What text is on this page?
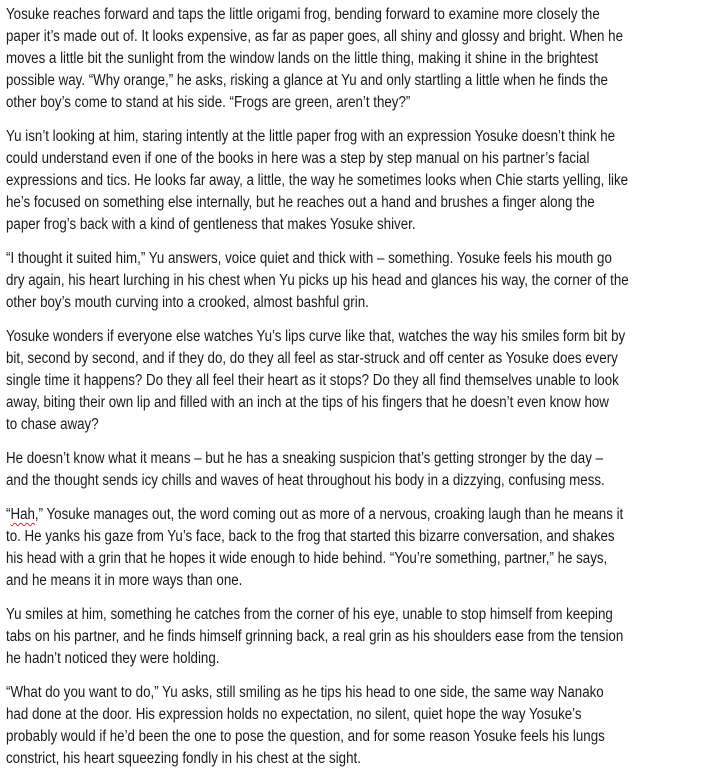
Yosuke reaches forward and taps the little origami frog, bending forward to examine more closely the
paper it’s made out of. It looks expensive, as far as paper goes, all shiny and glossy and bright. When he
moves a little bit the sunlight from the window lands on the little thing, making it shine in the brightest
possible way. “Why orange,” he asks, risking a glance at Yu and only startling a little when he finds the
other boy’s come to stand at his side. “Frogs are green, aren’t they?”
Yu isn’t looking at him, staring intently at the little paper frog with an expression Yosuke doesn’t think he
could understand even if one of the books in here was a step by step manual on his partner’s facial
expressions and tics. He looks far away, a little, the way he sometimes looks when Chie starts yelling, like
he’s focused on something else internally, but he reaches out a hand and brushes a finger along the
paper frog’s back with a kind of gentleness that makes Yosuke shiver.
“I thought it suited him,” Yu answers, voice quiet and thick with – something. Yosuke feels his mouth go
dry again, his heart lurching in his chest when Yu picks up his head and glances his way, the corner of the
other boy’s mouth curving into a crooked, almost bashful grin.
Yosuke wonders if everyone else watches Yu’s lips curve like that, watches the way his smiles form bit by
bit, second by second, and if they do, do they all feel as star-struck and off center as Yosuke does every
single time it happens? Do they all feel their heart as it stops? Do they all find themselves unable to look
away, biting their own lip and filled with an inch at the tips of his fingers that he doesn’t even know how
to chase away?
He doesn’t know what it means – but he has a sneaking suspicion that’s getting stronger by the day –
and the thought sends icy chills and waves of heat throughout his body in a dizzying, confusing mess.
“Hah,” Yosuke manages out, the word coming out as more of a nervous, croaking laugh than he means it
to. He yanks his gaze from Yu’s face, back to the frog that started this bizarre conversation, and shakes
his head with a grin that he hopes it wide enough to hide behind. “You’re something, partner,” he says,
and he means it in more ways than one.
Yu smiles at him, something he catches from the corner of his eye, unable to stop himself from keeping
tabs on his partner, and he finds himself grinning back, a real grin as his shoulders ease from the tension
he hadn’t noticed they were holding.
“What do you want to do,” Yu asks, still smiling as he tips his head to one side, the same way Nanako
had done at the door. His expression holds no expectation, no silent, quiet hope the way Yosuke’s
probably would if he’d been the one to pose the question, and for some reason Yosuke feels his lungs
constrict, his heart squeezing fondly in his chest at the sight.
